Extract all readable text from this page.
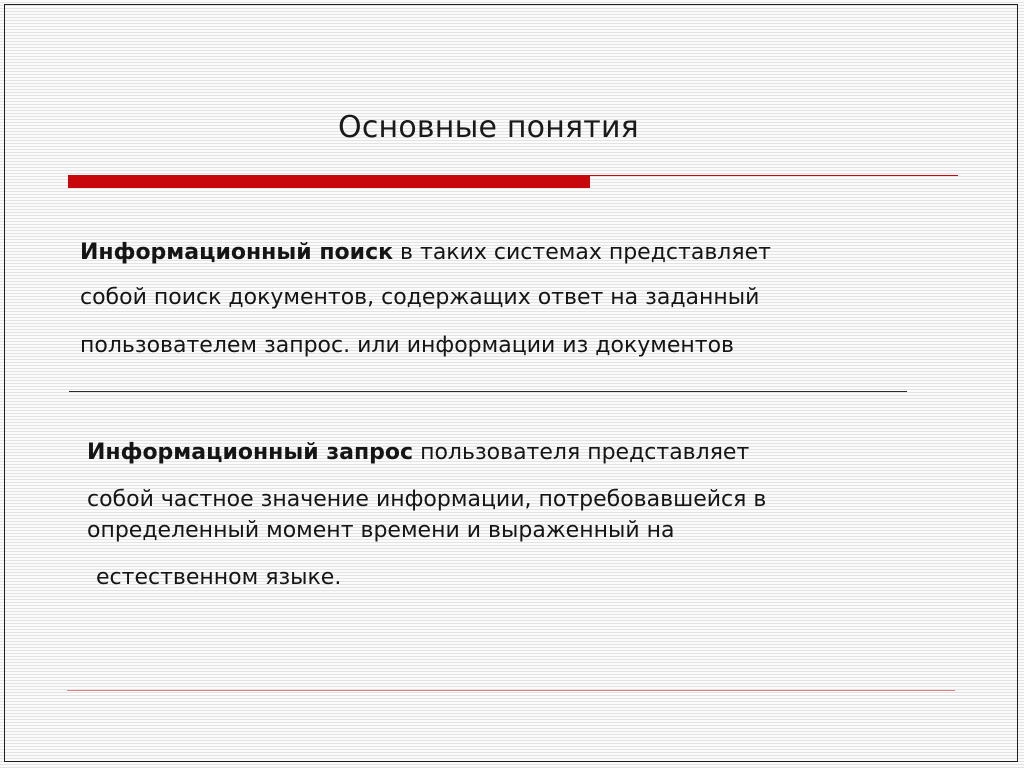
Основные понятия
Информационный поиск в таких системах представляет
собой поиск документов, содержащих ответ на заданный
пользователем запрос. или информации из документов
Информационный запрос пользователя представляет
собой частное значение информации, потребовавшейся в
определенный момент времени и выраженный на
естественном языке.
